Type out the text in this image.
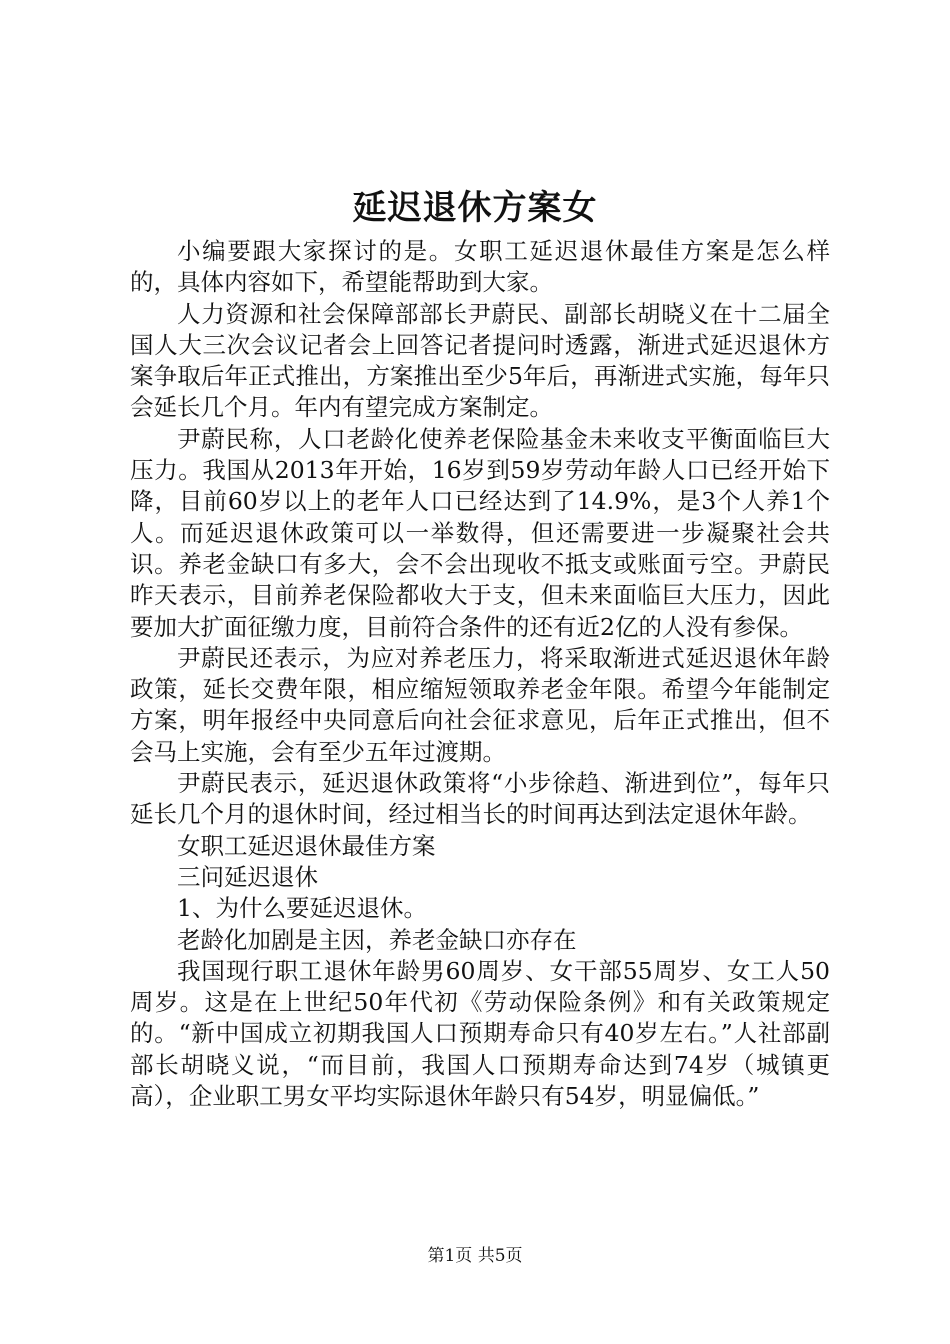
延迟退休方案女

小编要跟大家探讨的是。女职工延迟退休最佳方案是怎么样的，具体内容如下，希望能帮助到大家。

人力资源和社会保障部部长尹蔚民、副部长胡晓义在十二届全国人大三次会议记者会上回答记者提问时透露，渐进式延迟退休方案争取后年正式推出，方案推出至少5年后，再渐进式实施，每年只会延长几个月。年内有望完成方案制定。

尹蔚民称，人口老龄化使养老保险基金未来收支平衡面临巨大压力。我国从2013年开始，16岁到59岁劳动年龄人口已经开始下降，目前60岁以上的老年人口已经达到了14.9%，是3个人养1个人。而延迟退休政策可以一举数得，但还需要进一步凝聚社会共识。养老金缺口有多大，会不会出现收不抵支或账面亏空。尹蔚民昨天表示，目前养老保险都收大于支，但未来面临巨大压力，因此要加大扩面征缴力度，目前符合条件的还有近2亿的人没有参保。

尹蔚民还表示，为应对养老压力，将采取渐进式延迟退休年龄政策，延长交费年限，相应缩短领取养老金年限。希望今年能制定方案，明年报经中央同意后向社会征求意见，后年正式推出，但不会马上实施，会有至少五年过渡期。

尹蔚民表示，延迟退休政策将“小步徐趋、渐进到位”，每年只延长几个月的退休时间，经过相当长的时间再达到法定退休年龄。

女职工延迟退休最佳方案

三问延迟退休

1、为什么要延迟退休。

老龄化加剧是主因，养老金缺口亦存在

我国现行职工退休年龄男60周岁、女干部55周岁、女工人50周岁。这是在上世纪50年代初《劳动保险条例》和有关政策规定的。“新中国成立初期我国人口预期寿命只有40岁左右。”人社部副部长胡晓义说，“而目前，我国人口预期寿命达到74岁（城镇更高），企业职工男女平均实际退休年龄只有54岁，明显偏低。”

第1页 共5页
